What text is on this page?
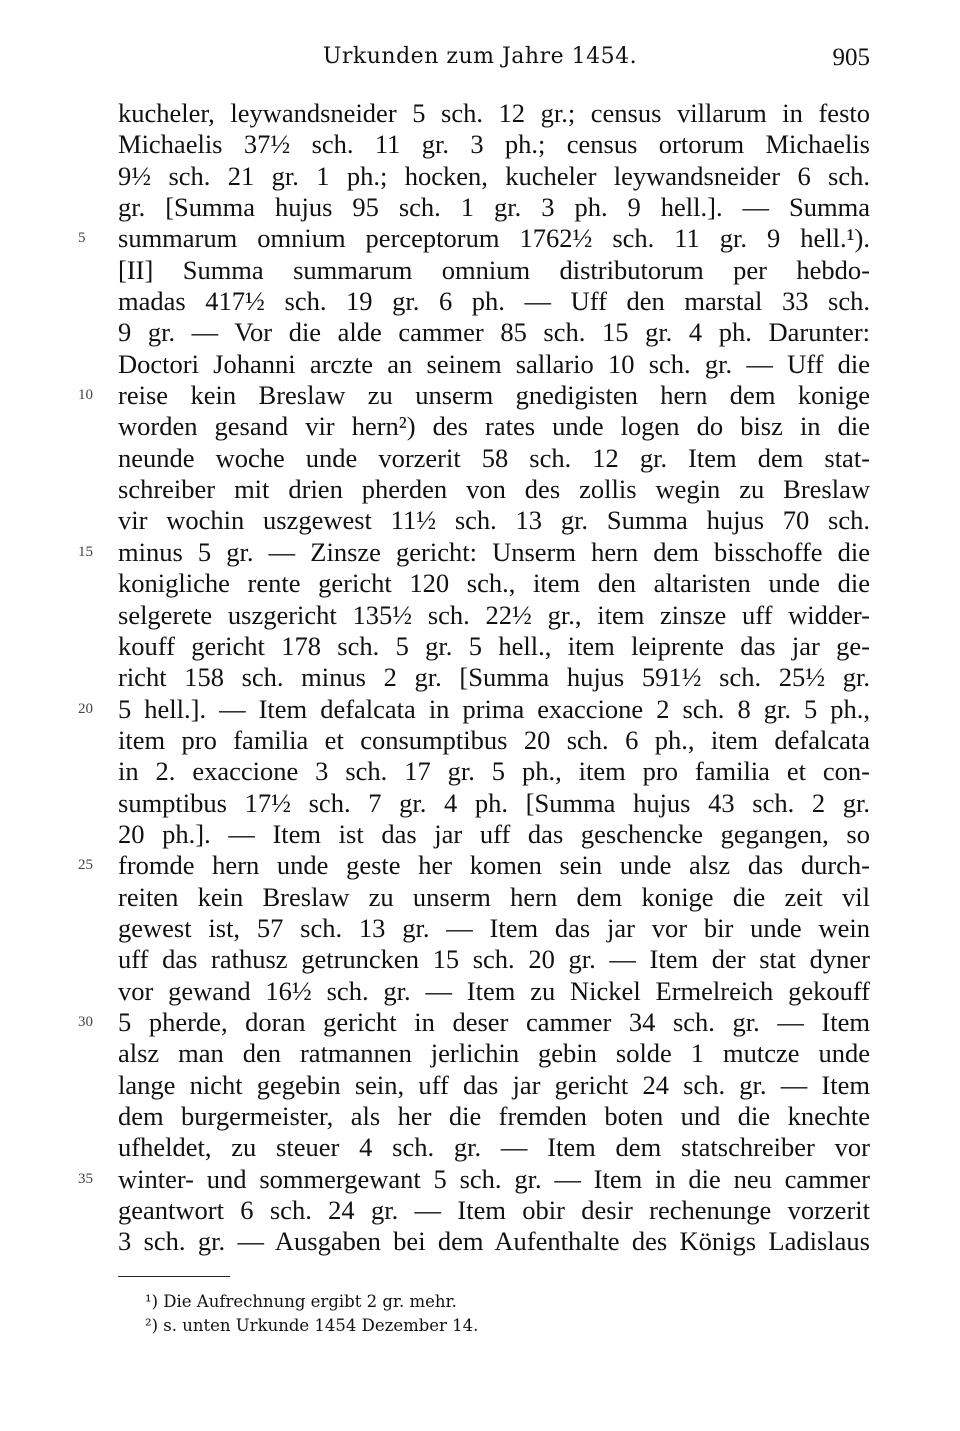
Urkunden zum Jahre 1454.	905
kucheler, leywandsneider 5 sch. 12 gr.; census villarum in festo
Michaelis 37½ sch. 11 gr. 3 ph.; census ortorum Michaelis
9½ sch. 21 gr. 1 ph.; hocken, kucheler leywandsneider 6 sch.
gr. [Summa hujus 95 sch. 1 gr. 3 ph. 9 hell.]. — Summa
summarum omnium perceptorum 1762½ sch. 11 gr. 9 hell.¹).
5
[II] Summa summarum omnium distributorum per hebdo-
madas 417½ sch. 19 gr. 6 ph. — Uff den marstal 33 sch.
9 gr. — Vor die alde cammer 85 sch. 15 gr. 4 ph. Darunter:
Doctori Johanni arczte an seinem sallario 10 sch. gr. — Uff die
reise kein Breslaw zu unserm gnedigisten hern dem konige
10
worden gesand vir hern²) des rates unde logen do bisz in die
neunde woche unde vorzerit 58 sch. 12 gr. Item dem stat-
schreiber mit drien pherden von des zollis wegin zu Breslaw
vir wochin uszgewest 11½ sch. 13 gr. Summa hujus 70 sch.
minus 5 gr. — Zinsze gericht: Unserm hern dem bisschoffe die
15
konigliche rente gericht 120 sch., item den altaristen unde die
selgerete uszgericht 135½ sch. 22½ gr., item zinsze uff widder-
kouff gericht 178 sch. 5 gr. 5 hell., item leiprente das jar ge-
richt 158 sch. minus 2 gr. [Summa hujus 591½ sch. 25½ gr.
5 hell.]. — Item defalcata in prima exaccione 2 sch. 8 gr. 5 ph.,
20
item pro familia et consumptibus 20 sch. 6 ph., item defalcata
in 2. exaccione 3 sch. 17 gr. 5 ph., item pro familia et con-
sumptibus 17½ sch. 7 gr. 4 ph. [Summa hujus 43 sch. 2 gr.
20 ph.]. — Item ist das jar uff das geschencke gegangen, so
fromde hern unde geste her komen sein unde alsz das durch-
25
reiten kein Breslaw zu unserm hern dem konige die zeit vil
gewest ist, 57 sch. 13 gr. — Item das jar vor bir unde wein
uff das rathusz getruncken 15 sch. 20 gr. — Item der stat dyner
vor gewand 16½ sch. gr. — Item zu Nickel Ermelreich gekouff
5 pherde, doran gericht in deser cammer 34 sch. gr. — Item
30
alsz man den ratmannen jerlichin gebin solde 1 mutcze unde
lange nicht gegebin sein, uff das jar gericht 24 sch. gr. — Item
dem burgermeister, als her die fremden boten und die knechte
ufheldet, zu steuer 4 sch. gr. — Item dem statschreiber vor
winter- und sommergewant 5 sch. gr. — Item in die neu cammer
35
geantwort 6 sch. 24 gr. — Item obir desir rechenunge vorzerit
3 sch. gr. — Ausgaben bei dem Aufenthalte des Königs Ladislaus
¹) Die Aufrechnung ergibt 2 gr. mehr.
²) s. unten Urkunde 1454 Dezember 14.
